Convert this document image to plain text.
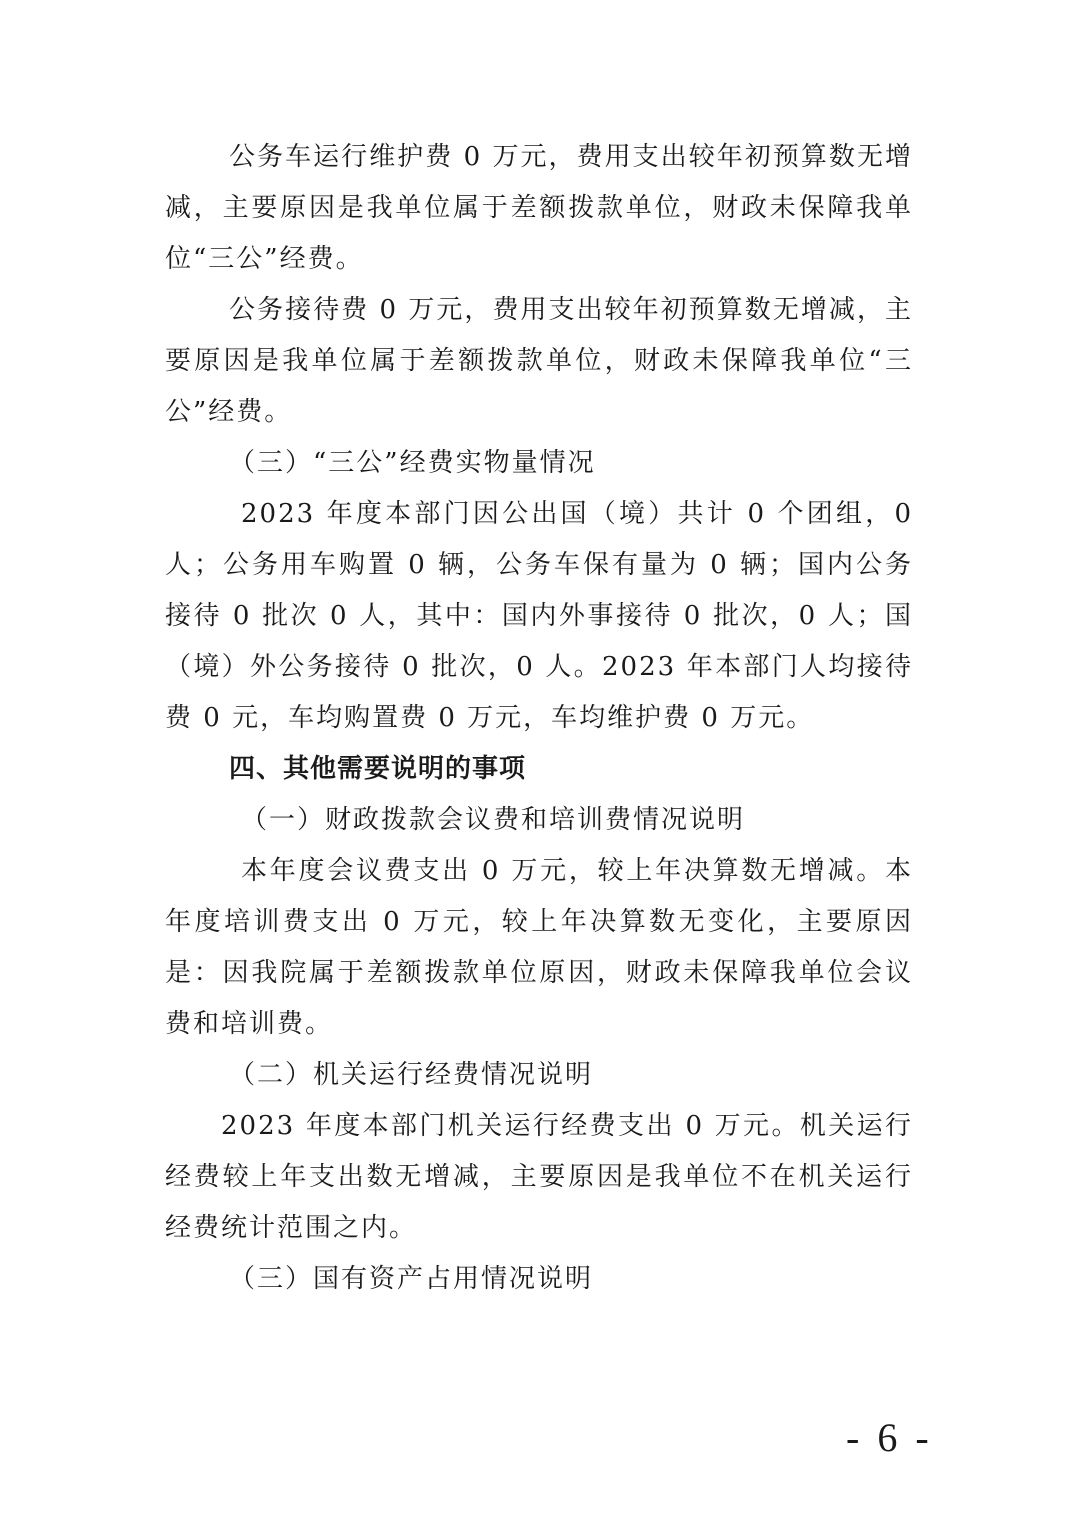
公务车运行维护费 0 万元，费用支出较年初预算数无增减，主要原因是我单位属于差额拨款单位，财政未保障我单位“三公”经费。

公务接待费 0 万元，费用支出较年初预算数无增减，主要原因是我单位属于差额拨款单位，财政未保障我单位“三公”经费。

（三）“三公”经费实物量情况

2023 年度本部门因公出国（境）共计 0 个团组，0 人；公务用车购置 0 辆，公务车保有量为 0 辆；国内公务接待 0 批次 0 人，其中：国内外事接待 0 批次，0 人；国（境）外公务接待 0 批次，0 人。2023 年本部门人均接待费 0 元，车均购置费 0 万元，车均维护费 0 万元。

四、其他需要说明的事项

（一）财政拨款会议费和培训费情况说明

本年度会议费支出 0 万元，较上年决算数无增减。本年度培训费支出 0 万元，较上年决算数无变化，主要原因是：因我院属于差额拨款单位原因，财政未保障我单位会议费和培训费。

（二）机关运行经费情况说明

2023 年度本部门机关运行经费支出 0 万元。机关运行经费较上年支出数无增减，主要原因是我单位不在机关运行经费统计范围之内。

（三）国有资产占用情况说明

- 6 -
